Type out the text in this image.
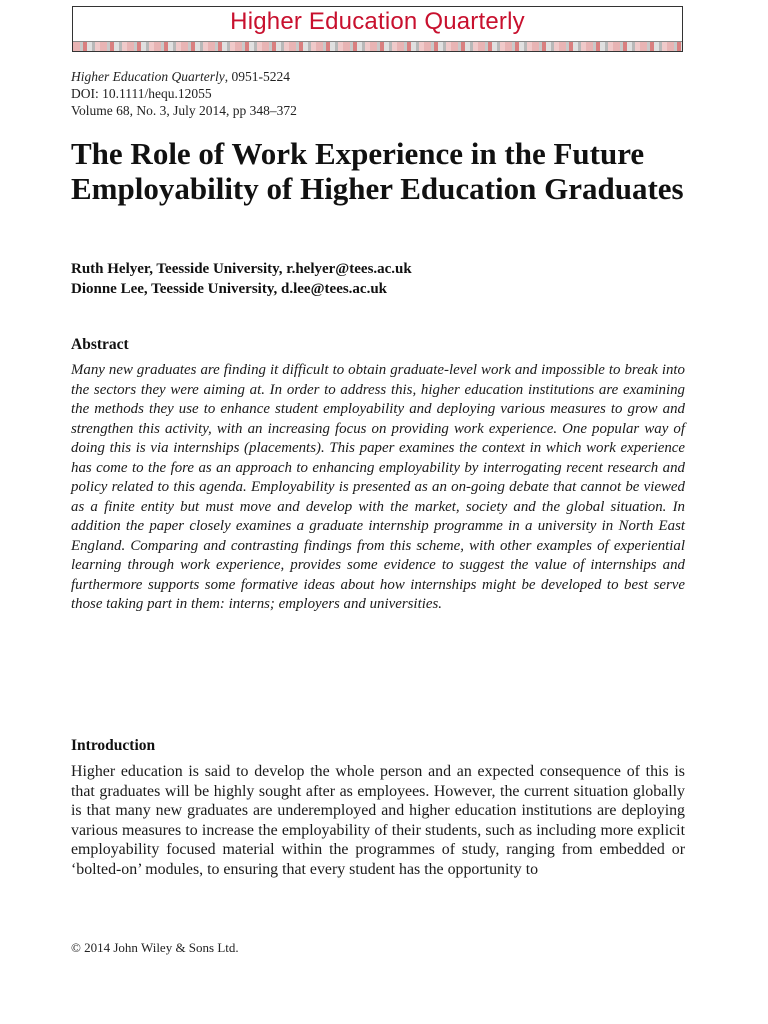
Higher Education Quarterly
Higher Education Quarterly, 0951-5224
DOI: 10.1111/hequ.12055
Volume 68, No. 3, July 2014, pp 348–372
The Role of Work Experience in the Future Employability of Higher Education Graduates
Ruth Helyer, Teesside University, r.helyer@tees.ac.uk
Dionne Lee, Teesside University, d.lee@tees.ac.uk
Abstract

Many new graduates are finding it difficult to obtain graduate-level work and impossible to break into the sectors they were aiming at. In order to address this, higher education institutions are examining the methods they use to enhance student employability and deploying various measures to grow and strengthen this activity, with an increasing focus on providing work experience. One popular way of doing this is via internships (placements). This paper examines the context in which work experience has come to the fore as an approach to enhancing employability by interrogating recent research and policy related to this agenda. Employability is presented as an on-going debate that cannot be viewed as a finite entity but must move and develop with the market, society and the global situation. In addition the paper closely examines a graduate internship programme in a university in North East England. Comparing and contrasting findings from this scheme, with other examples of experiential learning through work experience, provides some evidence to suggest the value of internships and furthermore supports some formative ideas about how internships might be developed to best serve those taking part in them: interns; employers and universities.

Introduction

Higher education is said to develop the whole person and an expected consequence of this is that graduates will be highly sought after as employees. However, the current situation globally is that many new graduates are underemployed and higher education institutions are deploying various measures to increase the employability of their students, such as including more explicit employability focused material within the programmes of study, ranging from embedded or ‘bolted-on’ modules, to ensuring that every student has the opportunity to

© 2014 John Wiley & Sons Ltd.
